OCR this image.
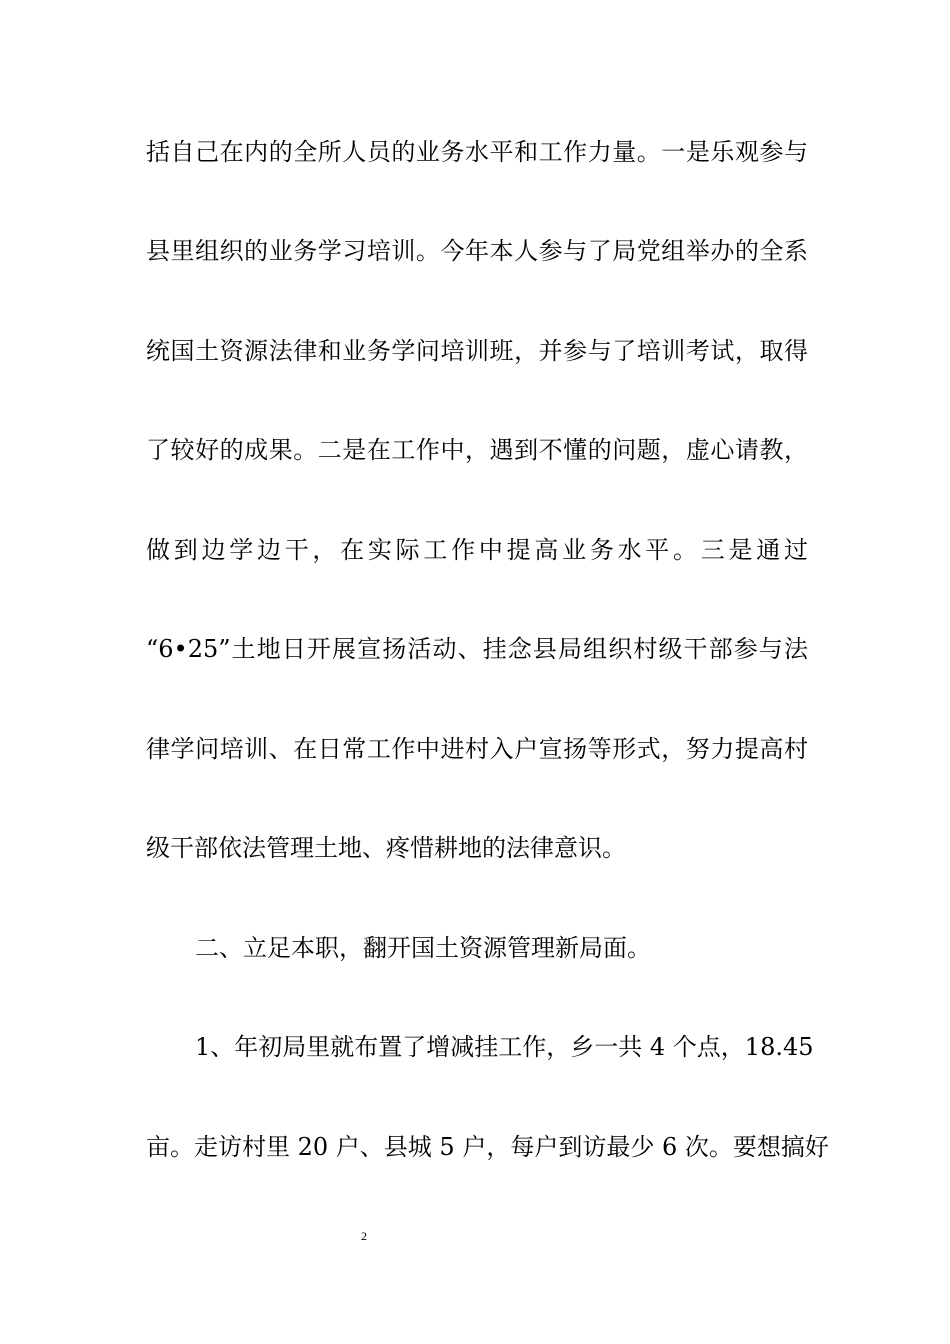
括自己在内的全所人员的业务水平和工作力量。一是乐观参与
县里组织的业务学习培训。今年本人参与了局党组举办的全系
统国土资源法律和业务学问培训班，并参与了培训考试，取得
了较好的成果。二是在工作中，遇到不懂的问题，虚心请教，
做到边学边干，在实际工作中提高业务水平。三是通过
“6•25”土地日开展宣扬活动、挂念县局组织村级干部参与法
律学问培训、在日常工作中进村入户宣扬等形式，努力提高村
级干部依法管理土地、疼惜耕地的法律意识。
二、立足本职，翻开国土资源管理新局面。
1、年初局里就布置了增减挂工作，乡一共 4 个点，18.45
亩。走访村里 20 户、县城 5 户，每户到访最少 6 次。要想搞好
2
